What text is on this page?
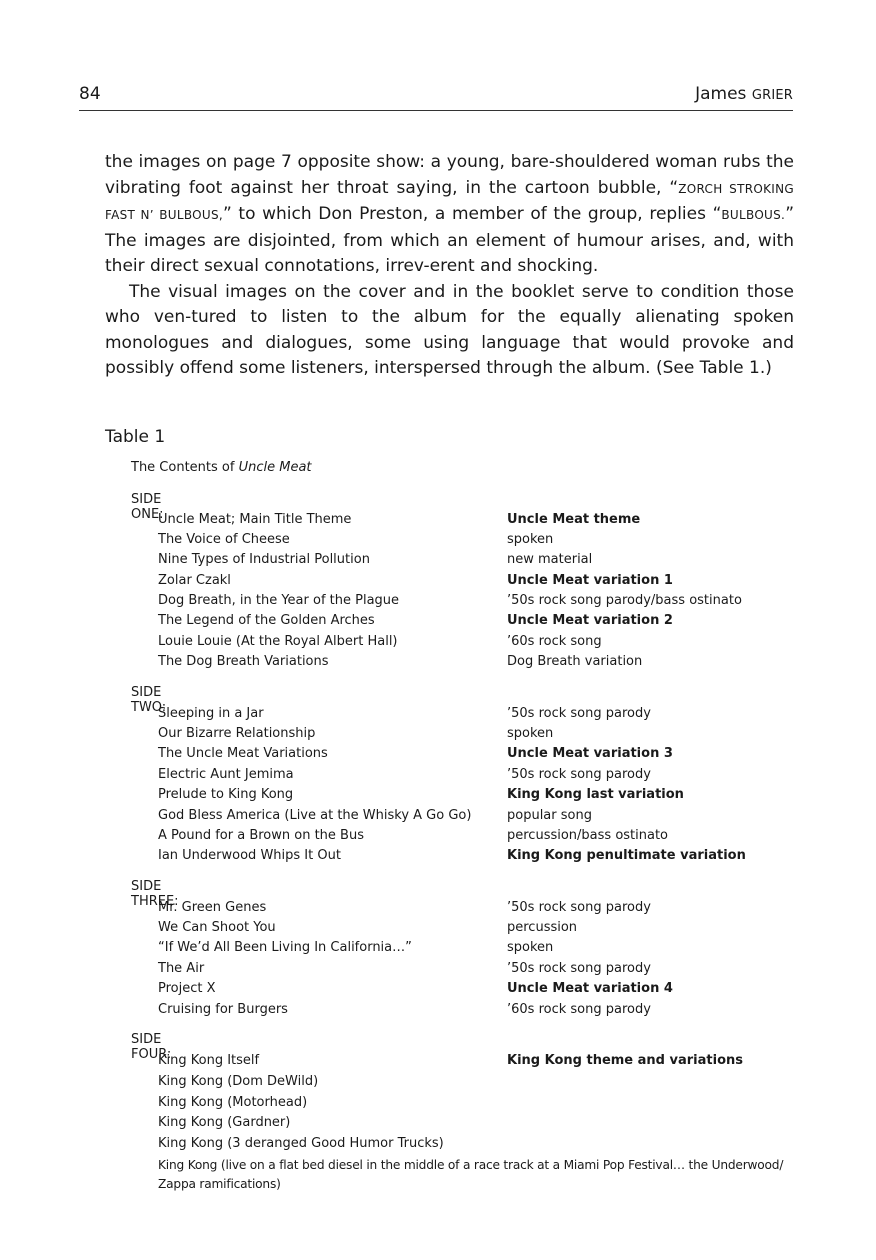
84	James GRIER

the images on page 7 opposite show: a young, bare-shouldered woman rubs the vibrating foot against her throat saying, in the cartoon bubble, “ZORCH STROKING FAST N’ BULBOUS,” to which Don Preston, a member of the group, replies “BULBOUS.” The images are disjointed, from which an element of humour arises, and, with their direct sexual connotations, irrev-erent and shocking.

The visual images on the cover and in the booklet serve to condition those who ven-tured to listen to the album for the equally alienating spoken monologues and dialogues, some using language that would provoke and possibly offend some listeners, interspersed through the album. (See Table 1.)

Table 1
The Contents of Uncle Meat
SIDE ONE:
Uncle Meat; Main Title Theme	Uncle Meat theme
The Voice of Cheese	spoken
Nine Types of Industrial Pollution	new material
Zolar Czakl	Uncle Meat variation 1
Dog Breath, in the Year of the Plague	’50s rock song parody/bass ostinato
The Legend of the Golden Arches	Uncle Meat variation 2
Louie Louie (At the Royal Albert Hall)	’60s rock song
The Dog Breath Variations	Dog Breath variation
SIDE TWO:
Sleeping in a Jar	’50s rock song parody
Our Bizarre Relationship	spoken
The Uncle Meat Variations	Uncle Meat variation 3
Electric Aunt Jemima	’50s rock song parody
Prelude to King Kong	King Kong last variation
God Bless America (Live at the Whisky A Go Go)	popular song
A Pound for a Brown on the Bus	percussion/bass ostinato
Ian Underwood Whips It Out	King Kong penultimate variation
SIDE THREE:
Mr. Green Genes	’50s rock song parody
We Can Shoot You	percussion
“If We’d All Been Living In California…”	spoken
The Air	’50s rock song parody
Project X	Uncle Meat variation 4
Cruising for Burgers	’60s rock song parody
SIDE FOUR:
King Kong Itself	King Kong theme and variations
King Kong (Dom DeWild)
King Kong (Motorhead)
King Kong (Gardner)
King Kong (3 deranged Good Humor Trucks)
King Kong (live on a flat bed diesel in the middle of a race track at a Miami Pop Festival… the Underwood/ Zappa ramifications)
